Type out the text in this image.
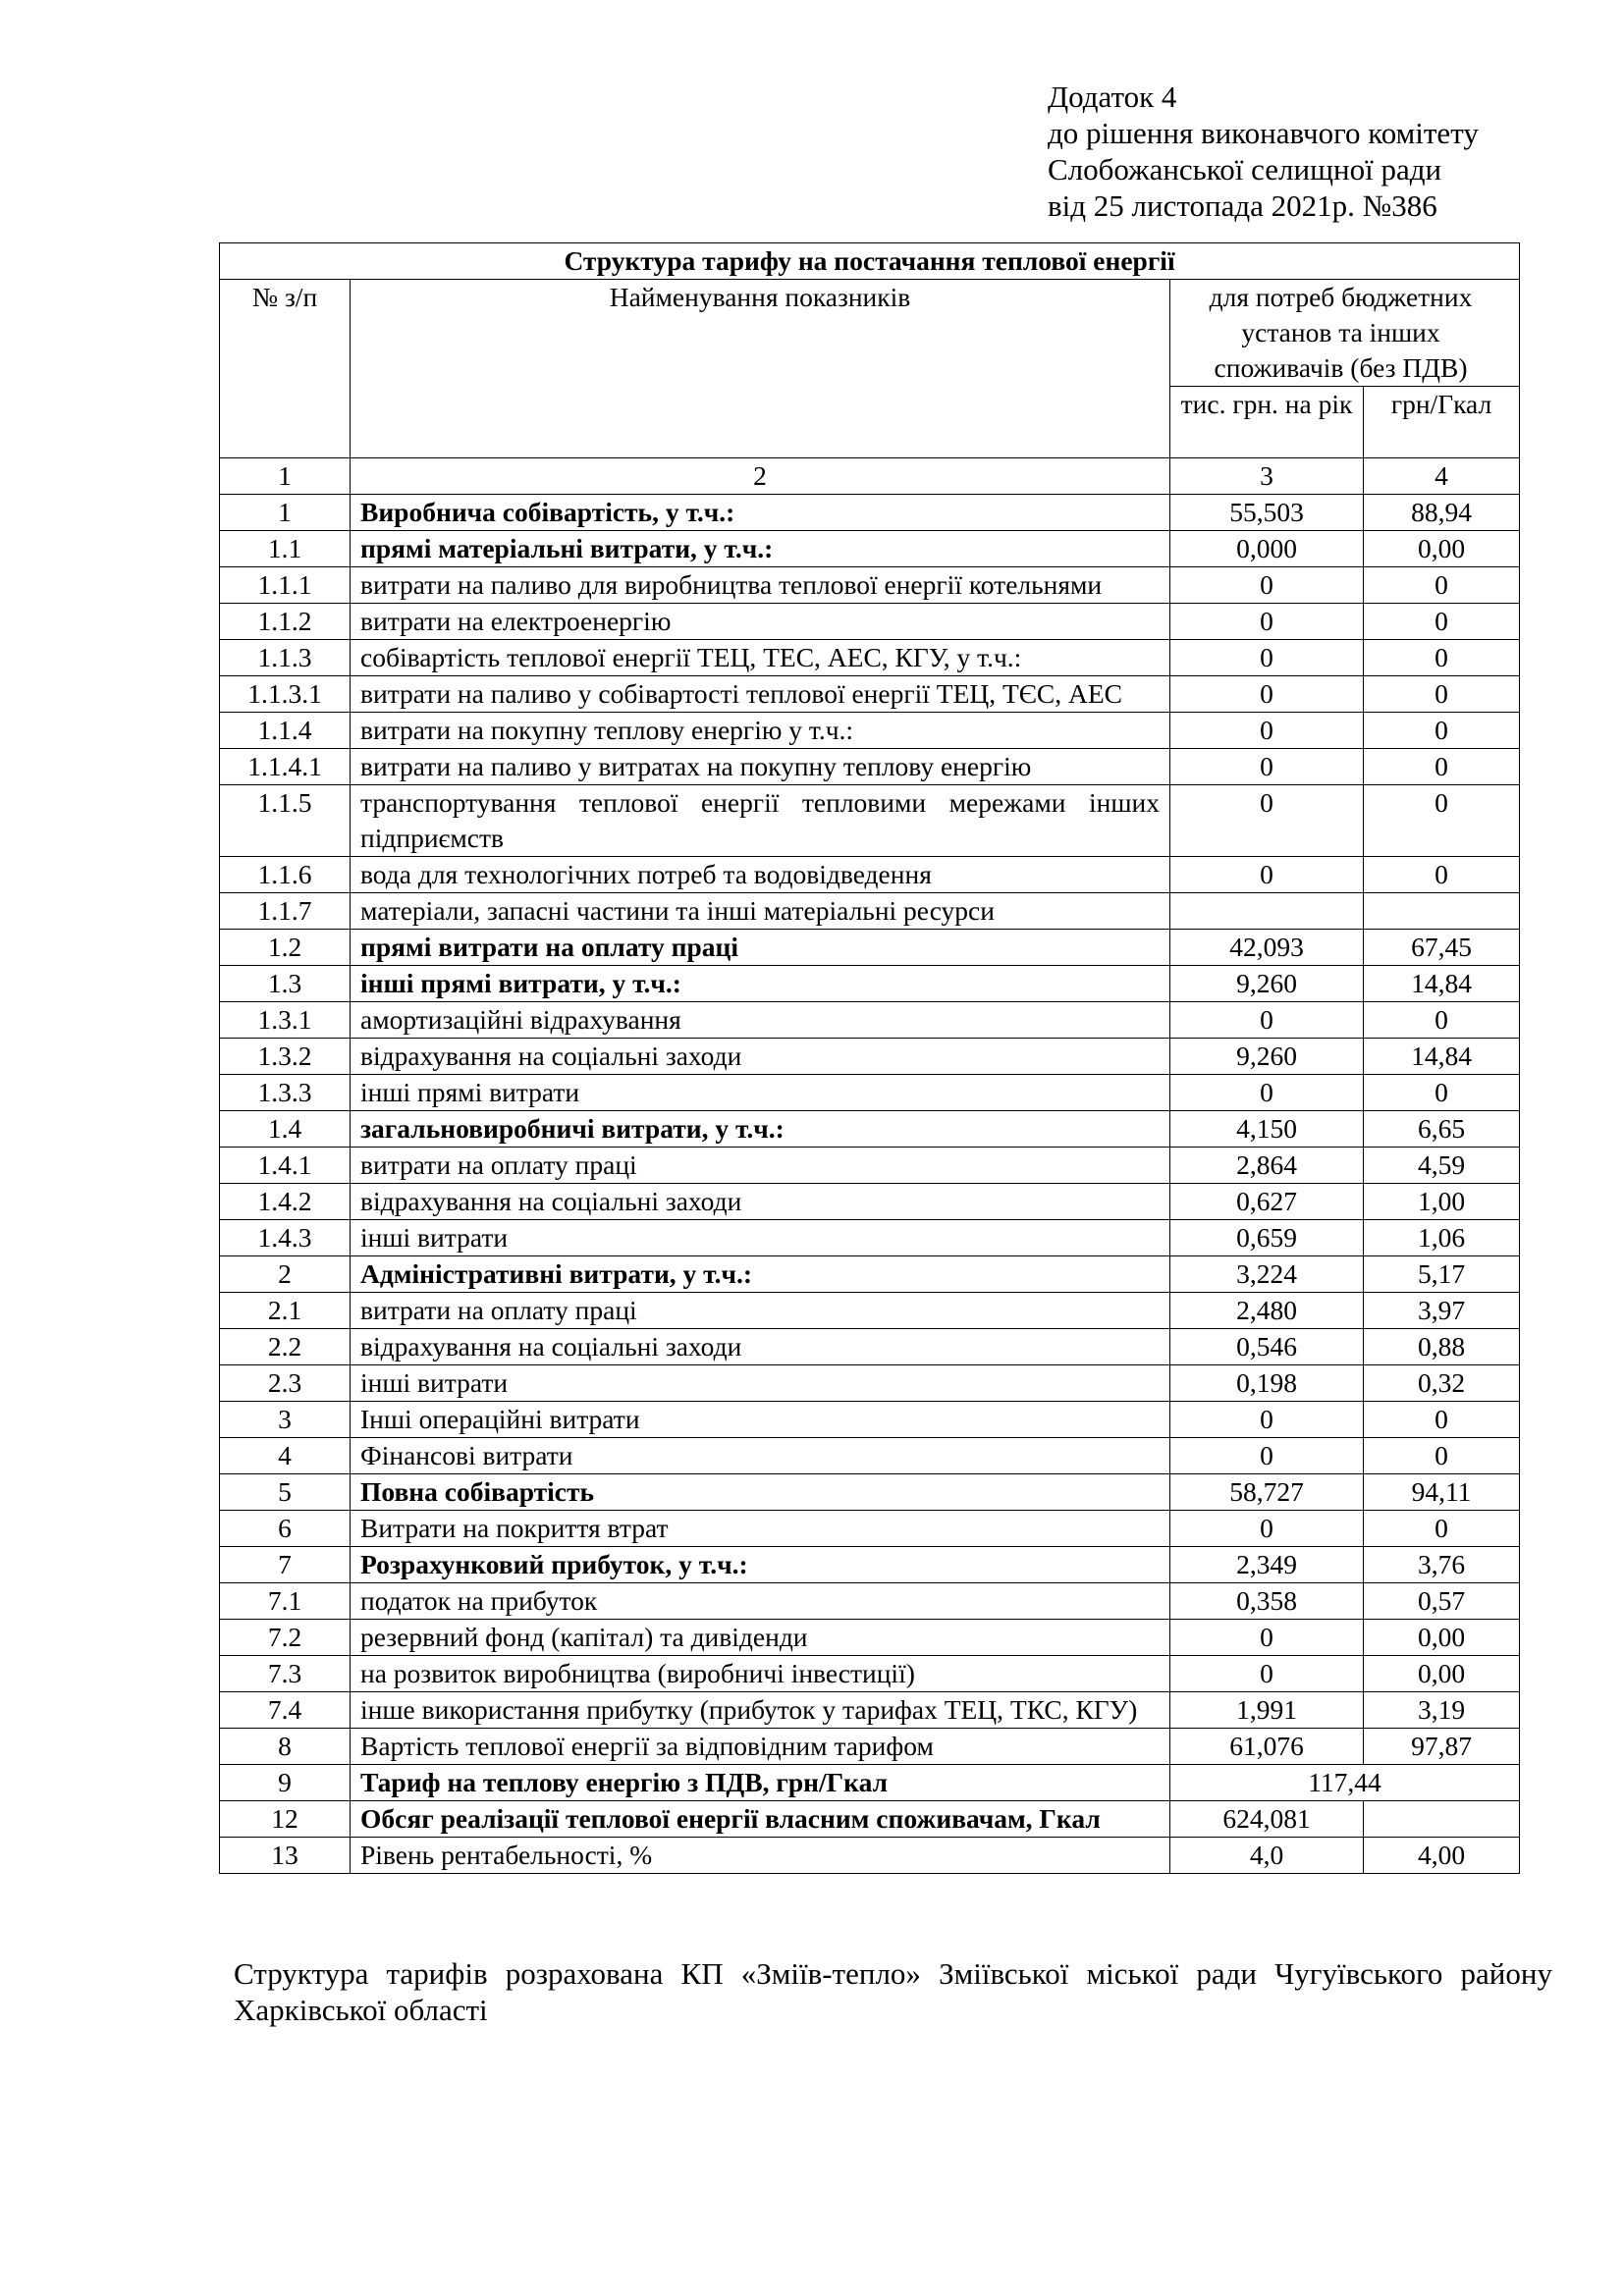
Додаток 4
до рішення виконавчого комітету
Слобожанської селищної ради
від 25 листопада 2021р. №386
Структура тарифу на постачання теплової енергії			
№ з/п	Найменування показників	для потреб бюджетних установ та інших споживачів (без ПДВ)	
		тис. грн. на рік	грн/Гкал
1	2	3	4
1	Виробнича собівартість, у т.ч.:	55,503	88,94
1.1	прямі матеріальні витрати, у т.ч.:	0,000	0,00
1.1.1	витрати на паливо для виробництва теплової енергії котельнями	0	0
1.1.2	витрати на електроенергію	0	0
1.1.3	собівартість теплової енергії ТЕЦ, ТЕС, АЕС, КГУ, у т.ч.:	0	0
1.1.3.1	витрати на паливо у собівартості теплової енергії ТЕЦ, ТЄС, АЕС	0	0
1.1.4	витрати на покупну теплову енергію у т.ч.:	0	0
1.1.4.1	витрати на паливо у витратах на покупну теплову енергію	0	0
1.1.5	транспортування теплової енергії тепловими мережами інших підприємств	0	0
1.1.6	вода для технологічних потреб та водовідведення	0	0
1.1.7	матеріали, запасні частини та інші матеріальні ресурси		
1.2	прямі витрати на оплату праці	42,093	67,45
1.3	інші прямі витрати, у т.ч.:	9,260	14,84
1.3.1	амортизаційні відрахування	0	0
1.3.2	відрахування на соціальні заходи	9,260	14,84
1.3.3	інші прямі витрати	0	0
1.4	загальновиробничі витрати, у т.ч.:	4,150	6,65
1.4.1	витрати на оплату праці	2,864	4,59
1.4.2	відрахування на соціальні заходи	0,627	1,00
1.4.3	інші витрати	0,659	1,06
2	Адміністративні витрати, у т.ч.:	3,224	5,17
2.1	витрати на оплату праці	2,480	3,97
2.2	відрахування на соціальні заходи	0,546	0,88
2.3	інші витрати	0,198	0,32
3	Інші операційні витрати	0	0
4	Фінансові витрати	0	0
5	Повна собівартість	58,727	94,11
6	Витрати на покриття втрат	0	0
7	Розрахунковий прибуток, у т.ч.:	2,349	3,76
7.1	податок на прибуток	0,358	0,57
7.2	резервний фонд (капітал) та дивіденди	0	0,00
7.3	на розвиток виробництва (виробничі інвестиції)	0	0,00
7.4	інше використання прибутку (прибуток у тарифах ТЕЦ, ТКС, КГУ)	1,991	3,19
8	Вартість теплової енергії за відповідним тарифом	61,076	97,87
9	Тариф на теплову енергію з ПДВ, грн/Гкал	117,44	
12	Обсяг реалізації теплової енергії власним споживачам, Гкал	624,081	
13	Рівень рентабельності, %	4,0	4,00
Структура тарифів розрахована КП «Зміїв-тепло» Зміївської міської ради Чугуївського району Харківської області
